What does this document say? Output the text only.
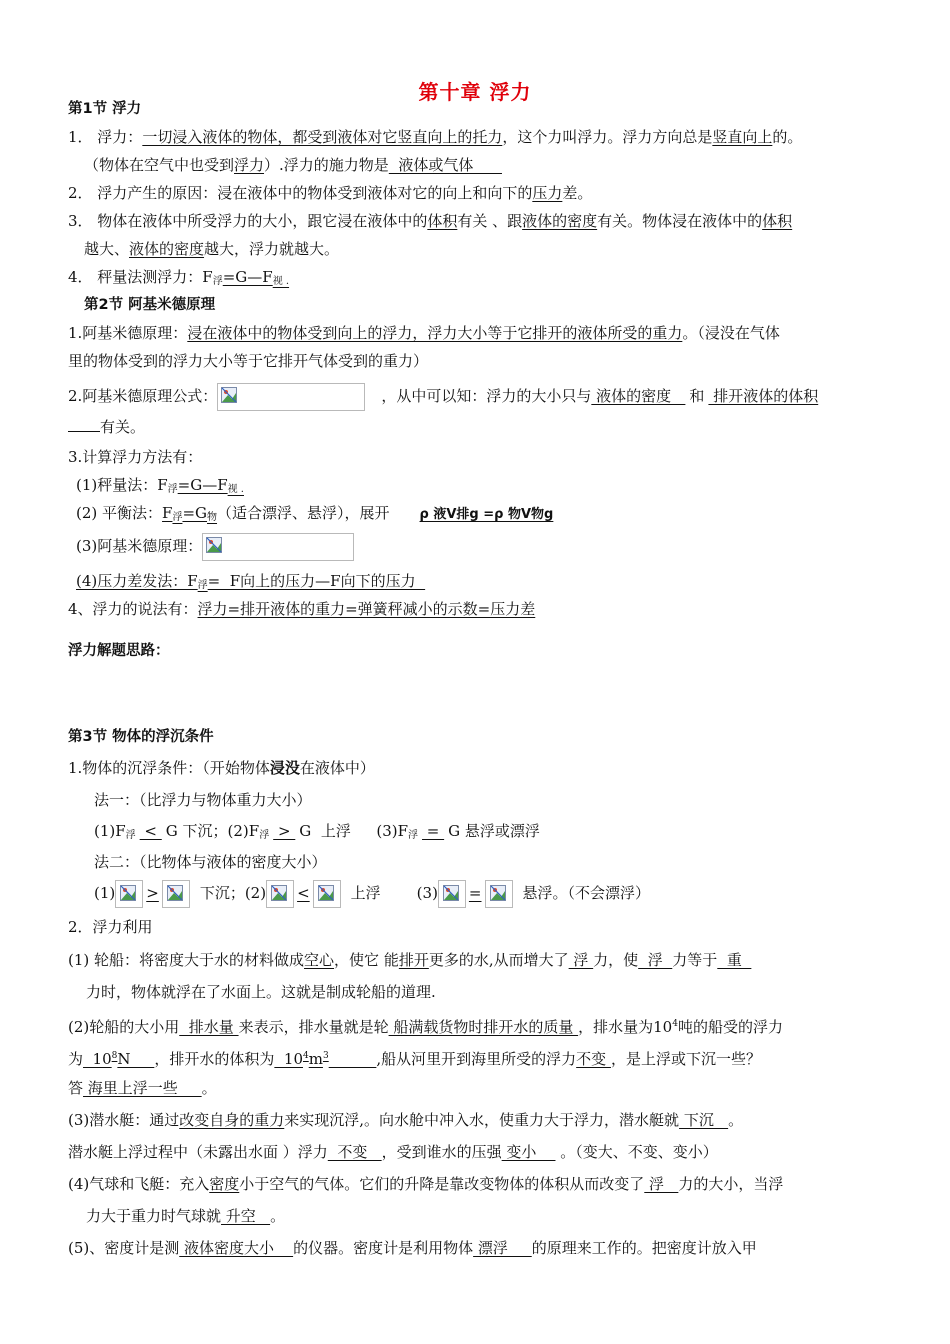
第十章 浮力
第1节 浮力
1． 浮力：一切浸入液体的物体，都受到液体对它竖直向上的托力，这个力叫浮力。浮力方向总是竖直向上的。
（物体在空气中也受到浮力）.浮力的施力物是  液体或气体
2． 浮力产生的原因：浸在液体中的物体受到液体对它的向上和向下的压力差。
3． 物体在液体中所受浮力的大小，跟它浸在液体中的体积有关 、跟液体的密度有关。物体浸在液体中的体积
越大、液体的密度越大，浮力就越大。
4． 秤量法测浮力：$F_浮=G—F_{视 .}$
第2节 阿基米德原理
1.阿基米德原理：浸在液体中的物体受到向上的浮力，浮力大小等于它排开的液体所受的重力。（浸没在气体
里的物体受到的浮力大小等于它排开气体受到的重力）
2.阿基米德原理公式：	，从中可以知：浮力的大小只与 液体的密度   和 排开液体的体积
有关。
3.计算浮力方法有：
(1)秤量法：$F_浮=G—F_{视 .}$
(2) 平衡法：$F_浮=G_物$（适合漂浮、悬浮），展开 ρ 液V排g =ρ 物V物g
(3)阿基米德原理：
(4)压力差发法：$F_浮= F$向上的压力—F向下的压力
4、浮力的说法有：浮力=排开液体的重力=弹簧秤减小的示数=压力差
浮力解题思路：
第3节 物体的浮沉条件
1.物体的沉浮条件：（开始物体浸没在液体中）
法一：（比浮力与物体重力大小）
$(1)F_浮 < G$ 下沉；$(2)F_浮 > G$  上浮  $(3)F_浮 = G$ 悬浮或漂浮
法二：（比物体与液体的密度大小）
(1) >	下沉；(2) <	上浮 (3) =	悬浮。（不会漂浮）
2．浮力利用
(1) 轮船：将密度大于水的材料做成空心，使它 能排开更多的水,从而增大了 浮 力，使  浮  力等于  重
力时，物体就浮在了水面上。这就是制成轮船的道理.
(2)轮船的大小用  排水量 来表示，排水量就是轮 船满载货物时排开水的质量 ，排水量为$10^4$吨的船受的浮力
为  $10^8N$     ，排开水的体积为  $10^4m^3$	,船从河里开到海里所受的浮力不变 ，是上浮或下沉一些？
答 海里上浮一些     。
(3)潜水艇：通过改变自身的重力来实现沉浮,。向水舱中冲入水，使重力大于浮力，潜水艇就 下沉   。
潜水艇上浮过程中（未露出水面 ）浮力  不变   ，受到谁水的压强 变小     。（变大、不变、变小）
(4)气球和飞艇：充入密度小于空气的气体。它们的升降是靠改变物体的体积从而改变了 浮   力的大小，当浮
力大于重力时气球就 升空   。
(5)、密度计是测 液体密度大小    的仪器。密度计是利用物体 漂浮     的原理来工作的。把密度计放入甲
